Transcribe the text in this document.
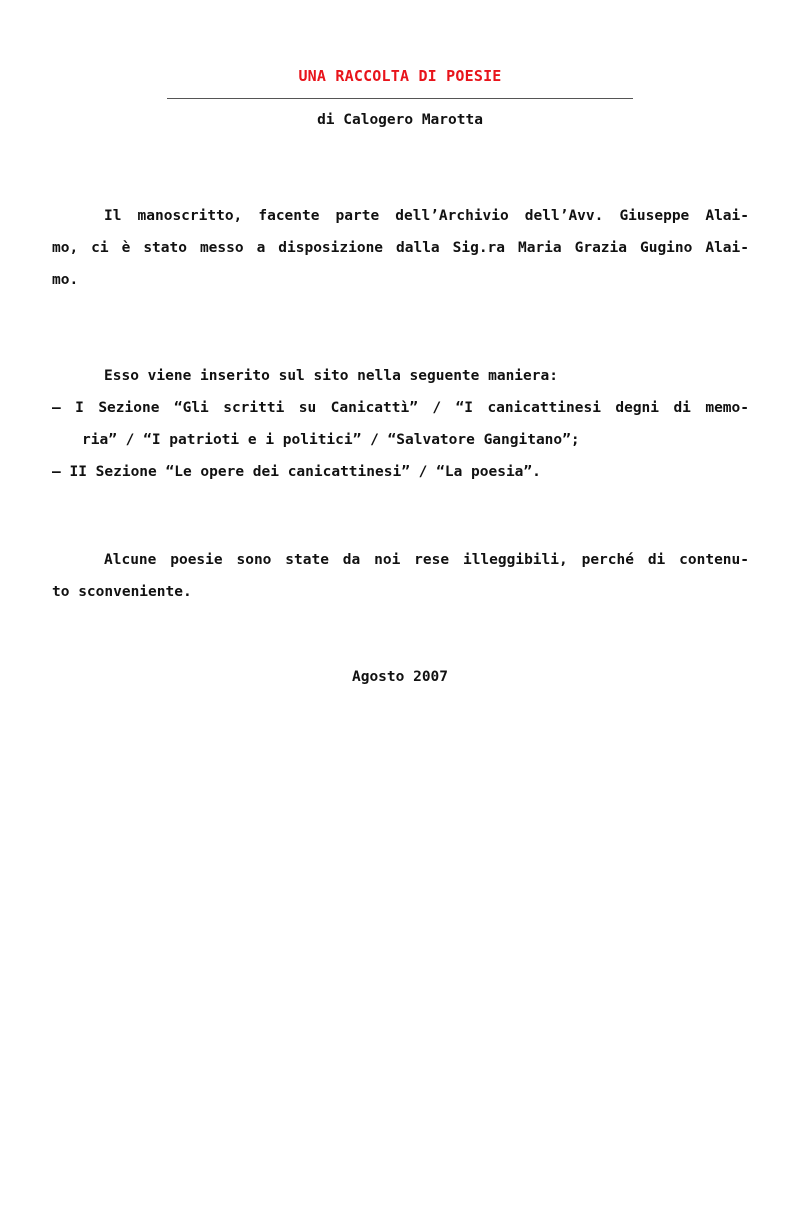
UNA RACCOLTA DI POESIE
di Calogero Marotta
Il manoscritto, facente parte dell’Archivio dell’Avv. Giuseppe Alai-
mo, ci è stato messo a disposizione dalla Sig.ra Maria Grazia Gugino Alai-
mo.
Esso viene inserito sul sito nella seguente maniera:
– I Sezione “Gli scritti su Canicattì” / “I canicattinesi degni di memo-
ria” / “I patrioti e i politici” / “Salvatore Gangitano”;
– II Sezione “Le opere dei canicattinesi” / “La poesia”.
Alcune poesie sono state da noi rese illeggibili, perché di contenu-
to sconveniente.
Agosto 2007
